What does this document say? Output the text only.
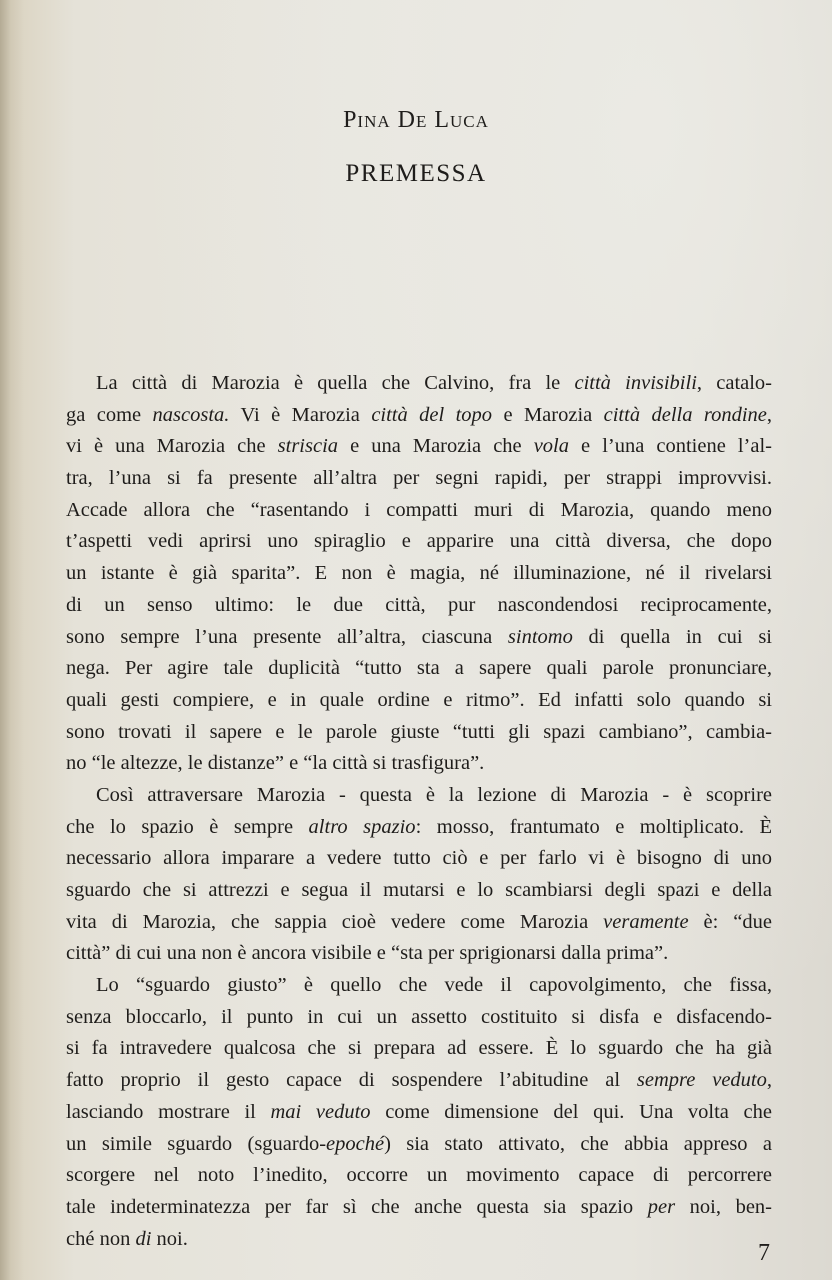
Pina De Luca
PREMESSA
La città di Marozia è quella che Calvino, fra le città invisibili, catalo-
ga come nascosta. Vi è Marozia città del topo e Marozia città della rondine,
vi è una Marozia che striscia e una Marozia che vola e l’una contiene l’al-
tra, l’una si fa presente all’altra per segni rapidi, per strappi improvvisi.
Accade allora che “rasentando i compatti muri di Marozia, quando meno
t’aspetti vedi aprirsi uno spiraglio e apparire una città diversa, che dopo
un istante è già sparita”. E non è magia, né illuminazione, né il rivelarsi
di un senso ultimo: le due città, pur nascondendosi reciprocamente,
sono sempre l’una presente all’altra, ciascuna sintomo di quella in cui si
nega. Per agire tale duplicità “tutto sta a sapere quali parole pronunciare,
quali gesti compiere, e in quale ordine e ritmo”. Ed infatti solo quando si
sono trovati il sapere e le parole giuste “tutti gli spazi cambiano”, cambia-
no “le altezze, le distanze” e “la città si trasfigura”.
Così attraversare Marozia - questa è la lezione di Marozia - è scoprire
che lo spazio è sempre altro spazio: mosso, frantumato e moltiplicato. È
necessario allora imparare a vedere tutto ciò e per farlo vi è bisogno di uno
sguardo che si attrezzi e segua il mutarsi e lo scambiarsi degli spazi e della
vita di Marozia, che sappia cioè vedere come Marozia veramente è: “due
città” di cui una non è ancora visibile e “sta per sprigionarsi dalla prima”.
Lo “sguardo giusto” è quello che vede il capovolgimento, che fissa,
senza bloccarlo, il punto in cui un assetto costituito si disfa e disfacendo-
si fa intravedere qualcosa che si prepara ad essere. È lo sguardo che ha già
fatto proprio il gesto capace di sospendere l’abitudine al sempre veduto,
lasciando mostrare il mai veduto come dimensione del qui. Una volta che
un simile sguardo (sguardo-epoché) sia stato attivato, che abbia appreso a
scorgere nel noto l’inedito, occorre un movimento capace di percorrere
tale indeterminatezza per far sì che anche questa sia spazio per noi, ben-
ché non di noi.
7
